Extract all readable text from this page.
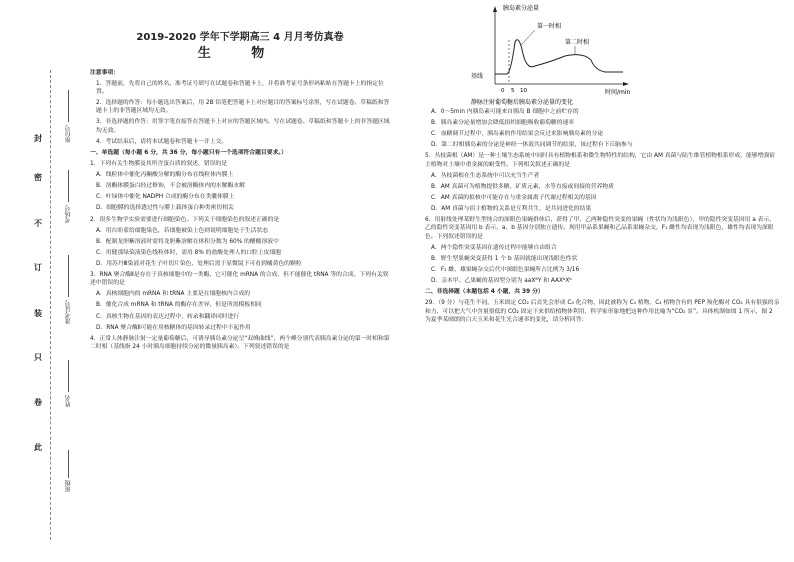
封
密
不
订
装
只
卷
此
座位号
考场号
准考证号
姓名
班级
2019-2020 学年下学期高三 4 月月考仿真卷
生 物

注意事项：

1．答题前，先将自己的姓名、准考证号填写在试题卷和答题卡上，并将准考证号条形码粘贴在答题卡上的指定位置。

2．选择题的作答：每小题选出答案后，用 2B 铅笔把答题卡上对应题目的答案标号涂黑，写在试题卷、草稿纸和答题卡上的非答题区域均无效。

3．非选择题的作答：用签字笔直接答在答题卡上对应的答题区域内。写在试题卷、草稿纸和答题卡上的非答题区域均无效。

4．考试结束后，请将本试题卷和答题卡一并上交。

一、单选题（每小题 6 分，共 36 分，每小题只有一个选项符合题目要求。）

1．下列有关生物膜及其所含蛋白质的叙述，错误的是

A．线粒体中催化丙酮酸分解的酶分布在线粒体内膜上

B．溶酶体膜蛋白经过修饰，不会被溶酶体内的水解酶水解

C．叶绿体中催化 NADPH 合成的酶分布在类囊体膜上

D．细胞膜的选择透过性与膜上载体蛋白种类密切相关

2．很多生物学实验需要进行细胞染色。下列关于细胞染色的叙述正确的是

A．用台盼蓝给细胞染色，若细胞被染上色则说明细胞处于生活状态

B．配制龙胆紫溶液时需将龙胆紫溶解在体积分数为 60% 的醋酸溶液中

C．用健那绿染液染色线粒体时，需用 8% 的盐酸处理人的口腔上皮细胞

D．用苏丹Ⅲ染液对花生子叶切片染色，处理后需于显微镜下可看到橘黄色的颗粒

3．RNA 聚合酶Ⅱ是存在于真核细胞中的一类酶，它可催化 mRNA 的合成，但不能催化 tRNA 等的合成。下列有关叙述中错误的是

A．真核细胞内的 mRNA 和 tRNA 主要是在细胞核内合成的

B．催化合成 mRNA 和 tRNA 的酶存在差异，但是所需模板相同

C．真核生物在基因的表达过程中，转录和翻译同时进行

D．RNA 聚合酶Ⅱ可能在用核糖体的基因转录过程中不起作用

4．正常人体静脉注射一定量葡萄糖后，可诱导胰岛素分泌呈“双峰曲线”，两个峰分别代表胰岛素分泌的第一时相和第二时相（基线指 24 小时胰岛细胞持续分泌的微量胰岛素）。下列叙述错误的是

胰岛素分泌量
基线
第一时相
第二时相
时间/min
0 5 10
静脉注射葡萄糖后胰岛素分泌量的变化

A．0～5min 内胰岛素可能来自胰岛 B 细胞中之前贮存的

B．胰岛素分泌量增加会降低组织细胞吸收葡萄糖的速率

C．血糖调节过程中，胰岛素的作用结果会反过来影响胰岛素的分泌

D．第二时相胰岛素的分泌是神经一体液共同调节的结果，该过程有下丘脑参与

5．丛枝菌根（AM）是一种土壤生态系统中同时具有植物根系和微生物特性的结构，它由 AM 真菌与陆生维管植物根系形成，能够增强宿主植物对土壤中重金属的耐受性。下列相关叙述正确的是

A．丛枝菌根在生态系统中可以充当生产者

B．AM 真菌可为植物提供多糖、矿质元素、水等直接或间接的营养物质

C．AM 真菌的拟核中可能存在与重金属离子代谢过程相关的基因

D．AM 真菌与宿主植物的关系是互利共生，是共同进化的结果

6．用射线处理某野生型纯合的深眼色果蝇群体后，获得了甲、乙两种隐性突变的果蝇（性状均为浅眼色），甲的隐性突变基因用 a 表示，乙的隐性突变基因用 b 表示，a、b 基因分别独立遗传。现用甲品系果蝇和乙品系果蝇杂交，F₁ 雌性均表现为浅眼色，雄性均表现为深眼色。下列叙述错误的是

A．两个隐性突变基因在遗传过程中能够自由组合

B．野生型果蝇突变获得 1 个 b 基因就能出现浅眼色性状

C．F₁ 雌、雄果蝇杂交后代中深眼色果蝇所占比例为 3/16

D．亲本甲、乙果蝇的基因型分别为 aaXᴮY 和 AAXᵇXᵇ

二、非选择题（本题包括 4 小题，共 39 分）

29．（9 分）与花生不同，玉米固定 CO₂ 后首先会形成 C₄ 化合物，因此被称为 C₄ 植物。C₄ 植物含有的 PEP 羧化酶对 CO₂ 具有很强的亲和力，可以把大气中含量很低的 CO₂ 固定下来供给植物体利用，科学家形象地把这种作用比喻为“CO₂ 泵”。具体机制如图 1 所示，图 2 为夏季某晴朗的白天玉米和花生光合速率的变化，请分析回答：
